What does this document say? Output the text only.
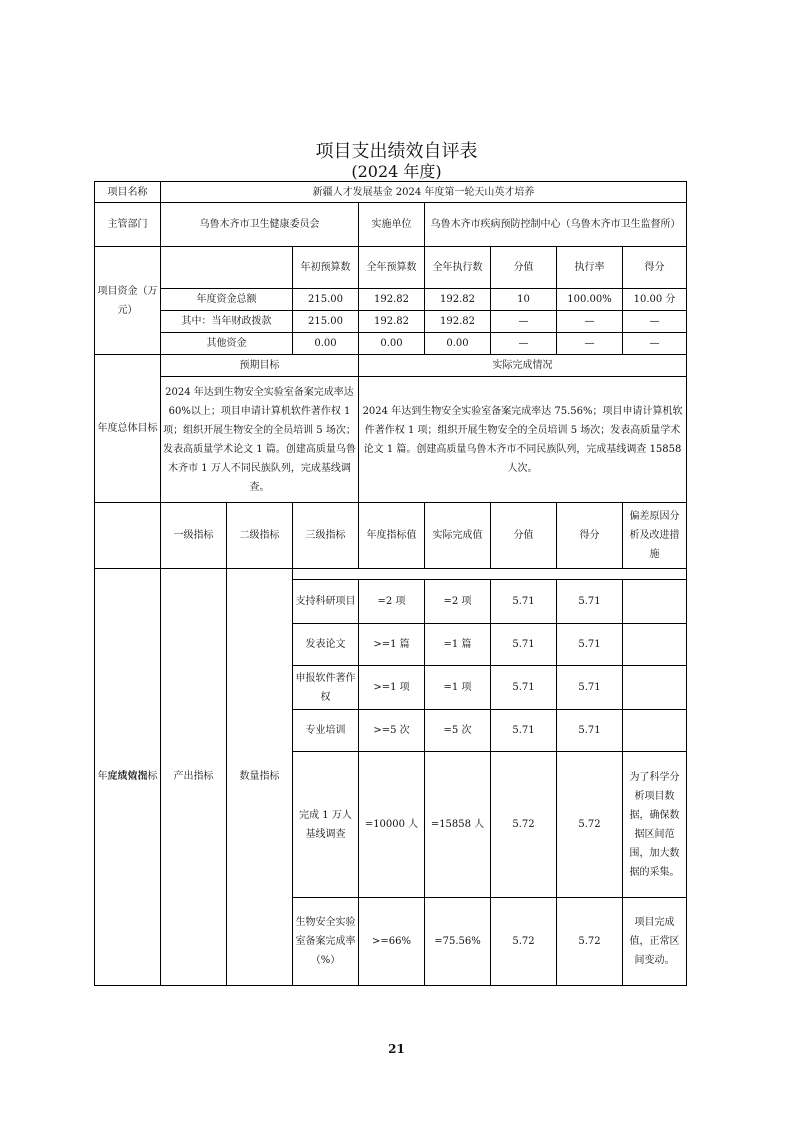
项目支出绩效自评表
(2024 年度)
项目名称	新疆人才发展基金 2024 年度第一轮天山英才培养							
主管部门	乌鲁木齐市卫生健康委员会			实施单位	乌鲁木齐市疾病预防控制中心（乌鲁木齐市卫生监督所）			
项目资金（万元）			年初预算数	全年预算数	全年执行数	分值	执行率	得分
	年度资金总额		215.00	192.82	192.82	10	100.00%	10.00 分
	其中：当年财政拨款		215.00	192.82	192.82	—	—	—
	其他资金		0.00	0.00	0.00	—	—	—
年度总体目标	预期目标			实际完成情况				
	2024 年达到生物安全实验室备案完成率达 60%以上；项目申请计算机软件著作权 1 项；组织开展生物安全的全员培训 5 场次；发表高质量学术论文 1 篇。创建高质量乌鲁木齐市 1 万人不同民族队列，完成基线调查。			2024 年达到生物安全实验室备案完成率达 75.56%；项目申请计算机软件著作权 1 项；组织开展生物安全的全员培训 5 场次；发表高质量学术论文 1 篇。创建高质量乌鲁木齐市不同民族队列，完成基线调查 15858 人次。				
	一级指标	二级指标	三级指标	年度指标值	实际完成值	分值	得分	偏差原因分析及改进措施
年度绩效指标完成情况	产出指标	数量指标						
			支持科研项目	=2 项	=2 项	5.71	5.71	
			发表论文	>=1 篇	=1 篇	5.71	5.71	
			申报软件著作权	>=1 项	=1 项	5.71	5.71	
			专业培训	>=5 次	=5 次	5.71	5.71	
			完成 1 万人基线调查	=10000 人	=15858 人	5.72	5.72	为了科学分析项目数据，确保数据区间范围，加大数据的采集。
			生物安全实验室备案完成率（%）	>=66%	=75.56%	5.72	5.72	项目完成值，正常区间变动。
21
